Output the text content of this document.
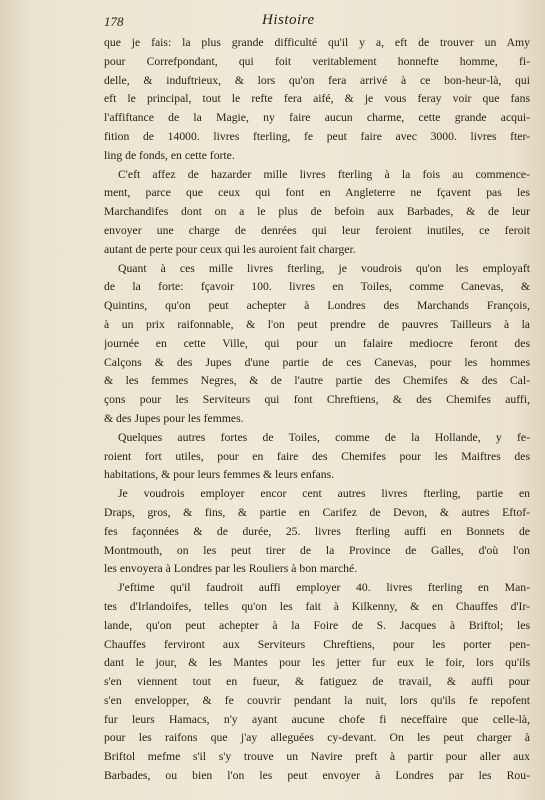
178	Histoire
que je fais: la plus grande difficulté qu'il y a, eft de trouver un Amy
pour Correfpondant, qui foit veritablement honnefte homme, fi-
delle, & induftrieux, & lors qu'on fera arrivé à ce bon-heur-là, qui
eft le principal, tout le refte fera aifé, & je vous feray voir que fans
l'affiftance de la Magie, ny faire aucun charme, cette grande acqui-
fition de 14000. livres fterling, fe peut faire avec 3000. livres fter-
ling de fonds, en cette forte.
C'eft affez de hazarder mille livres fterling à la fois au commence-
ment, parce que ceux qui font en Angleterre ne fçavent pas les
Marchandifes dont on a le plus de befoin aux Barbades, & de leur
envoyer une charge de denrées qui leur feroient inutiles, ce feroit
autant de perte pour ceux qui les auroient fait charger.
Quant à ces mille livres fterling, je voudrois qu'on les employaft
de la forte: fçavoir 100. livres en Toiles, comme Canevas, &
Quintins, qu'on peut achepter à Londres des Marchands François,
à un prix raifonnable, & l'on peut prendre de pauvres Tailleurs à la
journée en cette Ville, qui pour un falaire mediocre feront des
Calçons & des Jupes d'une partie de ces Canevas, pour les hommes
& les femmes Negres, & de l'autre partie des Chemifes & des Cal-
çons pour les Serviteurs qui font Chreftiens, & des Chemifes auffi,
& des Jupes pour les femmes.
Quelques autres fortes de Toiles, comme de la Hollande, y fe-
roient fort utiles, pour en faire des Chemifes pour les Maiftres des
habitations, & pour leurs femmes & leurs enfans.
Je voudrois employer encor cent autres livres fterling, partie en
Draps, gros, & fins, & partie en Carifez de Devon, & autres Eftof-
fes façonnées & de durée, 25. livres fterling auffi en Bonnets de
Montmouth, on les peut tirer de la Province de Galles, d'où l'on
les envoyera à Londres par les Rouliers à bon marché.
J'eftime qu'il faudroit auffi employer 40. livres fterling en Man-
tes d'Irlandoifes, telles qu'on les fait à Kilkenny, & en Chauffes d'Ir-
lande, qu'on peut achepter à la Foire de S. Jacques à Briftol; les
Chauffes ferviront aux Serviteurs Chreftiens, pour les porter pen-
dant le jour, & les Mantes pour les jetter fur eux le foir, lors qu'ils
s'en viennent tout en fueur, & fatiguez de travail, & auffi pour
s'en envelopper, & fe couvrir pendant la nuit, lors qu'ils fe repofent
fur leurs Hamacs, n'y ayant aucune chofe fi neceffaire que celle-là,
pour les raifons que j'ay alleguées cy-devant. On les peut charger à
Briftol mefme s'il s'y trouve un Navire preft à partir pour aller aux
Barbades, ou bien l'on les peut envoyer à Londres par les Rou-
